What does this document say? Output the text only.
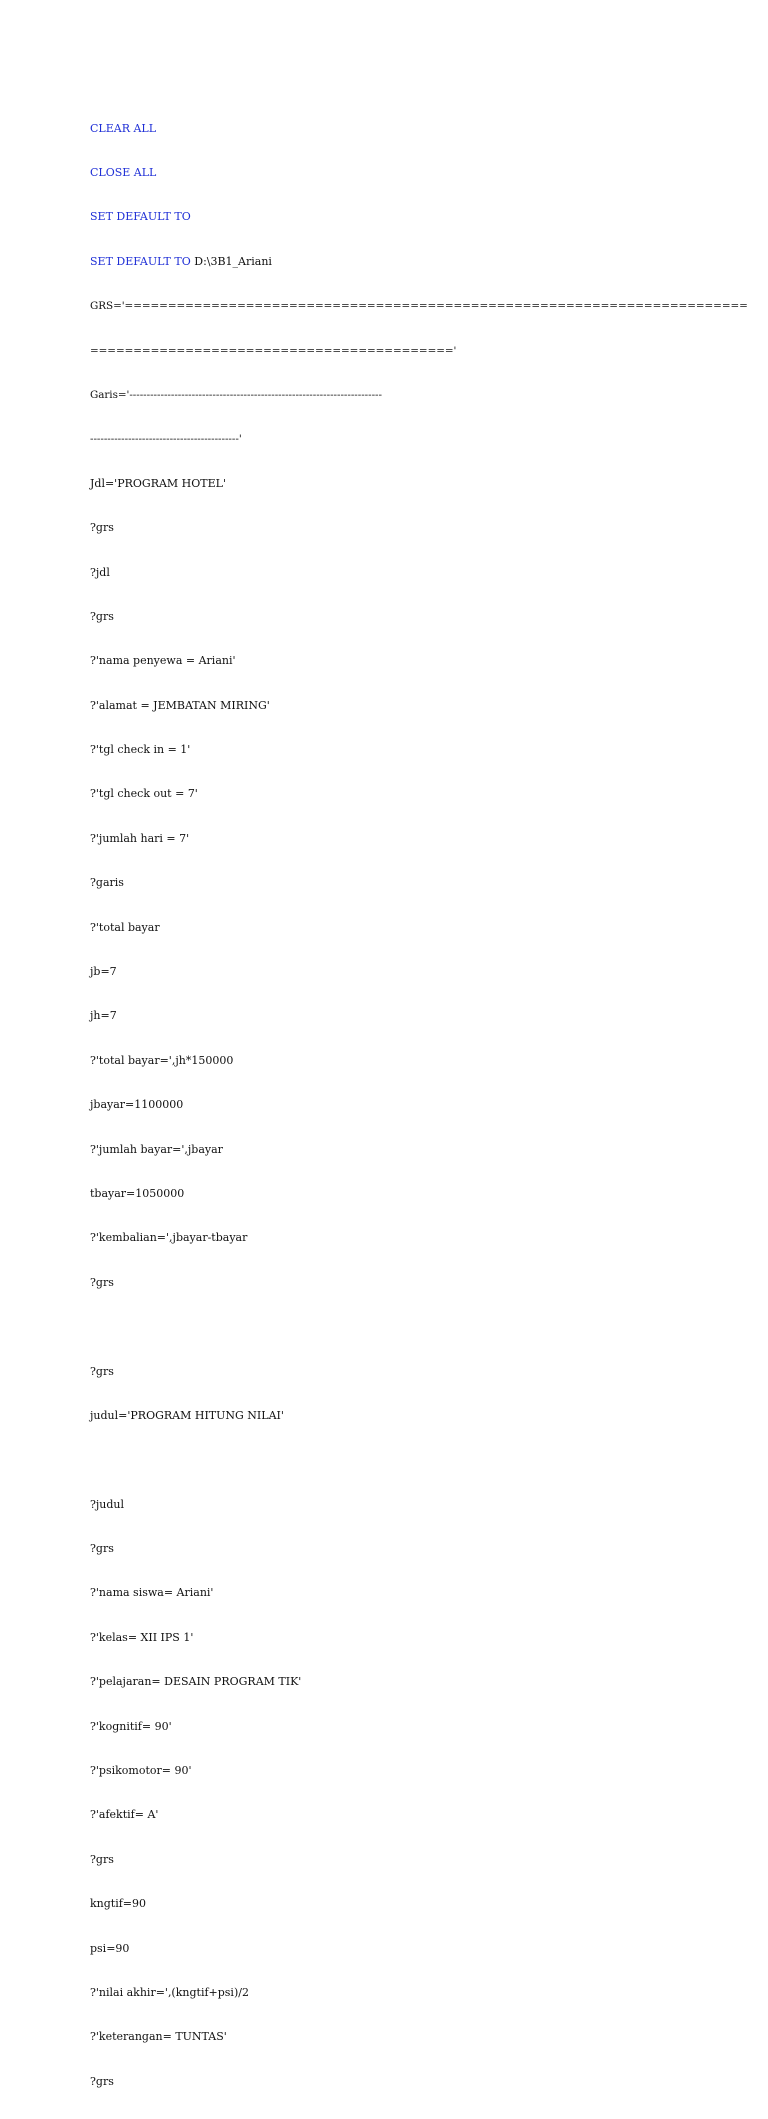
CLEAR ALL

CLOSE ALL

SET DEFAULT TO

SET DEFAULT TO D:\3B1_Ariani

GRS='========================================================================

=========================================='

Garis='-------------------------------------------------------------------------

-------------------------------------------'

Jdl='PROGRAM HOTEL'

?grs

?jdl

?grs

?'nama penyewa = Ariani'

?'alamat = JEMBATAN MIRING'

?'tgl check in = 1'

?'tgl check out = 7'

?'jumlah hari = 7'

?garis

?'total bayar

jb=7

jh=7

?'total bayar=',jh*150000

jbayar=1100000

?'jumlah bayar=',jbayar

tbayar=1050000

?'kembalian=',jbayar-tbayar

?grs

?grs

judul='PROGRAM HITUNG NILAI'

?judul

?grs

?'nama siswa= Ariani'

?'kelas= XII IPS 1'

?'pelajaran= DESAIN PROGRAM TIK'

?'kognitif= 90'

?'psikomotor= 90'

?'afektif= A'

?grs

kngtif=90

psi=90

?'nilai akhir=',(kngtif+psi)/2

?'keterangan= TUNTAS'

?grs
